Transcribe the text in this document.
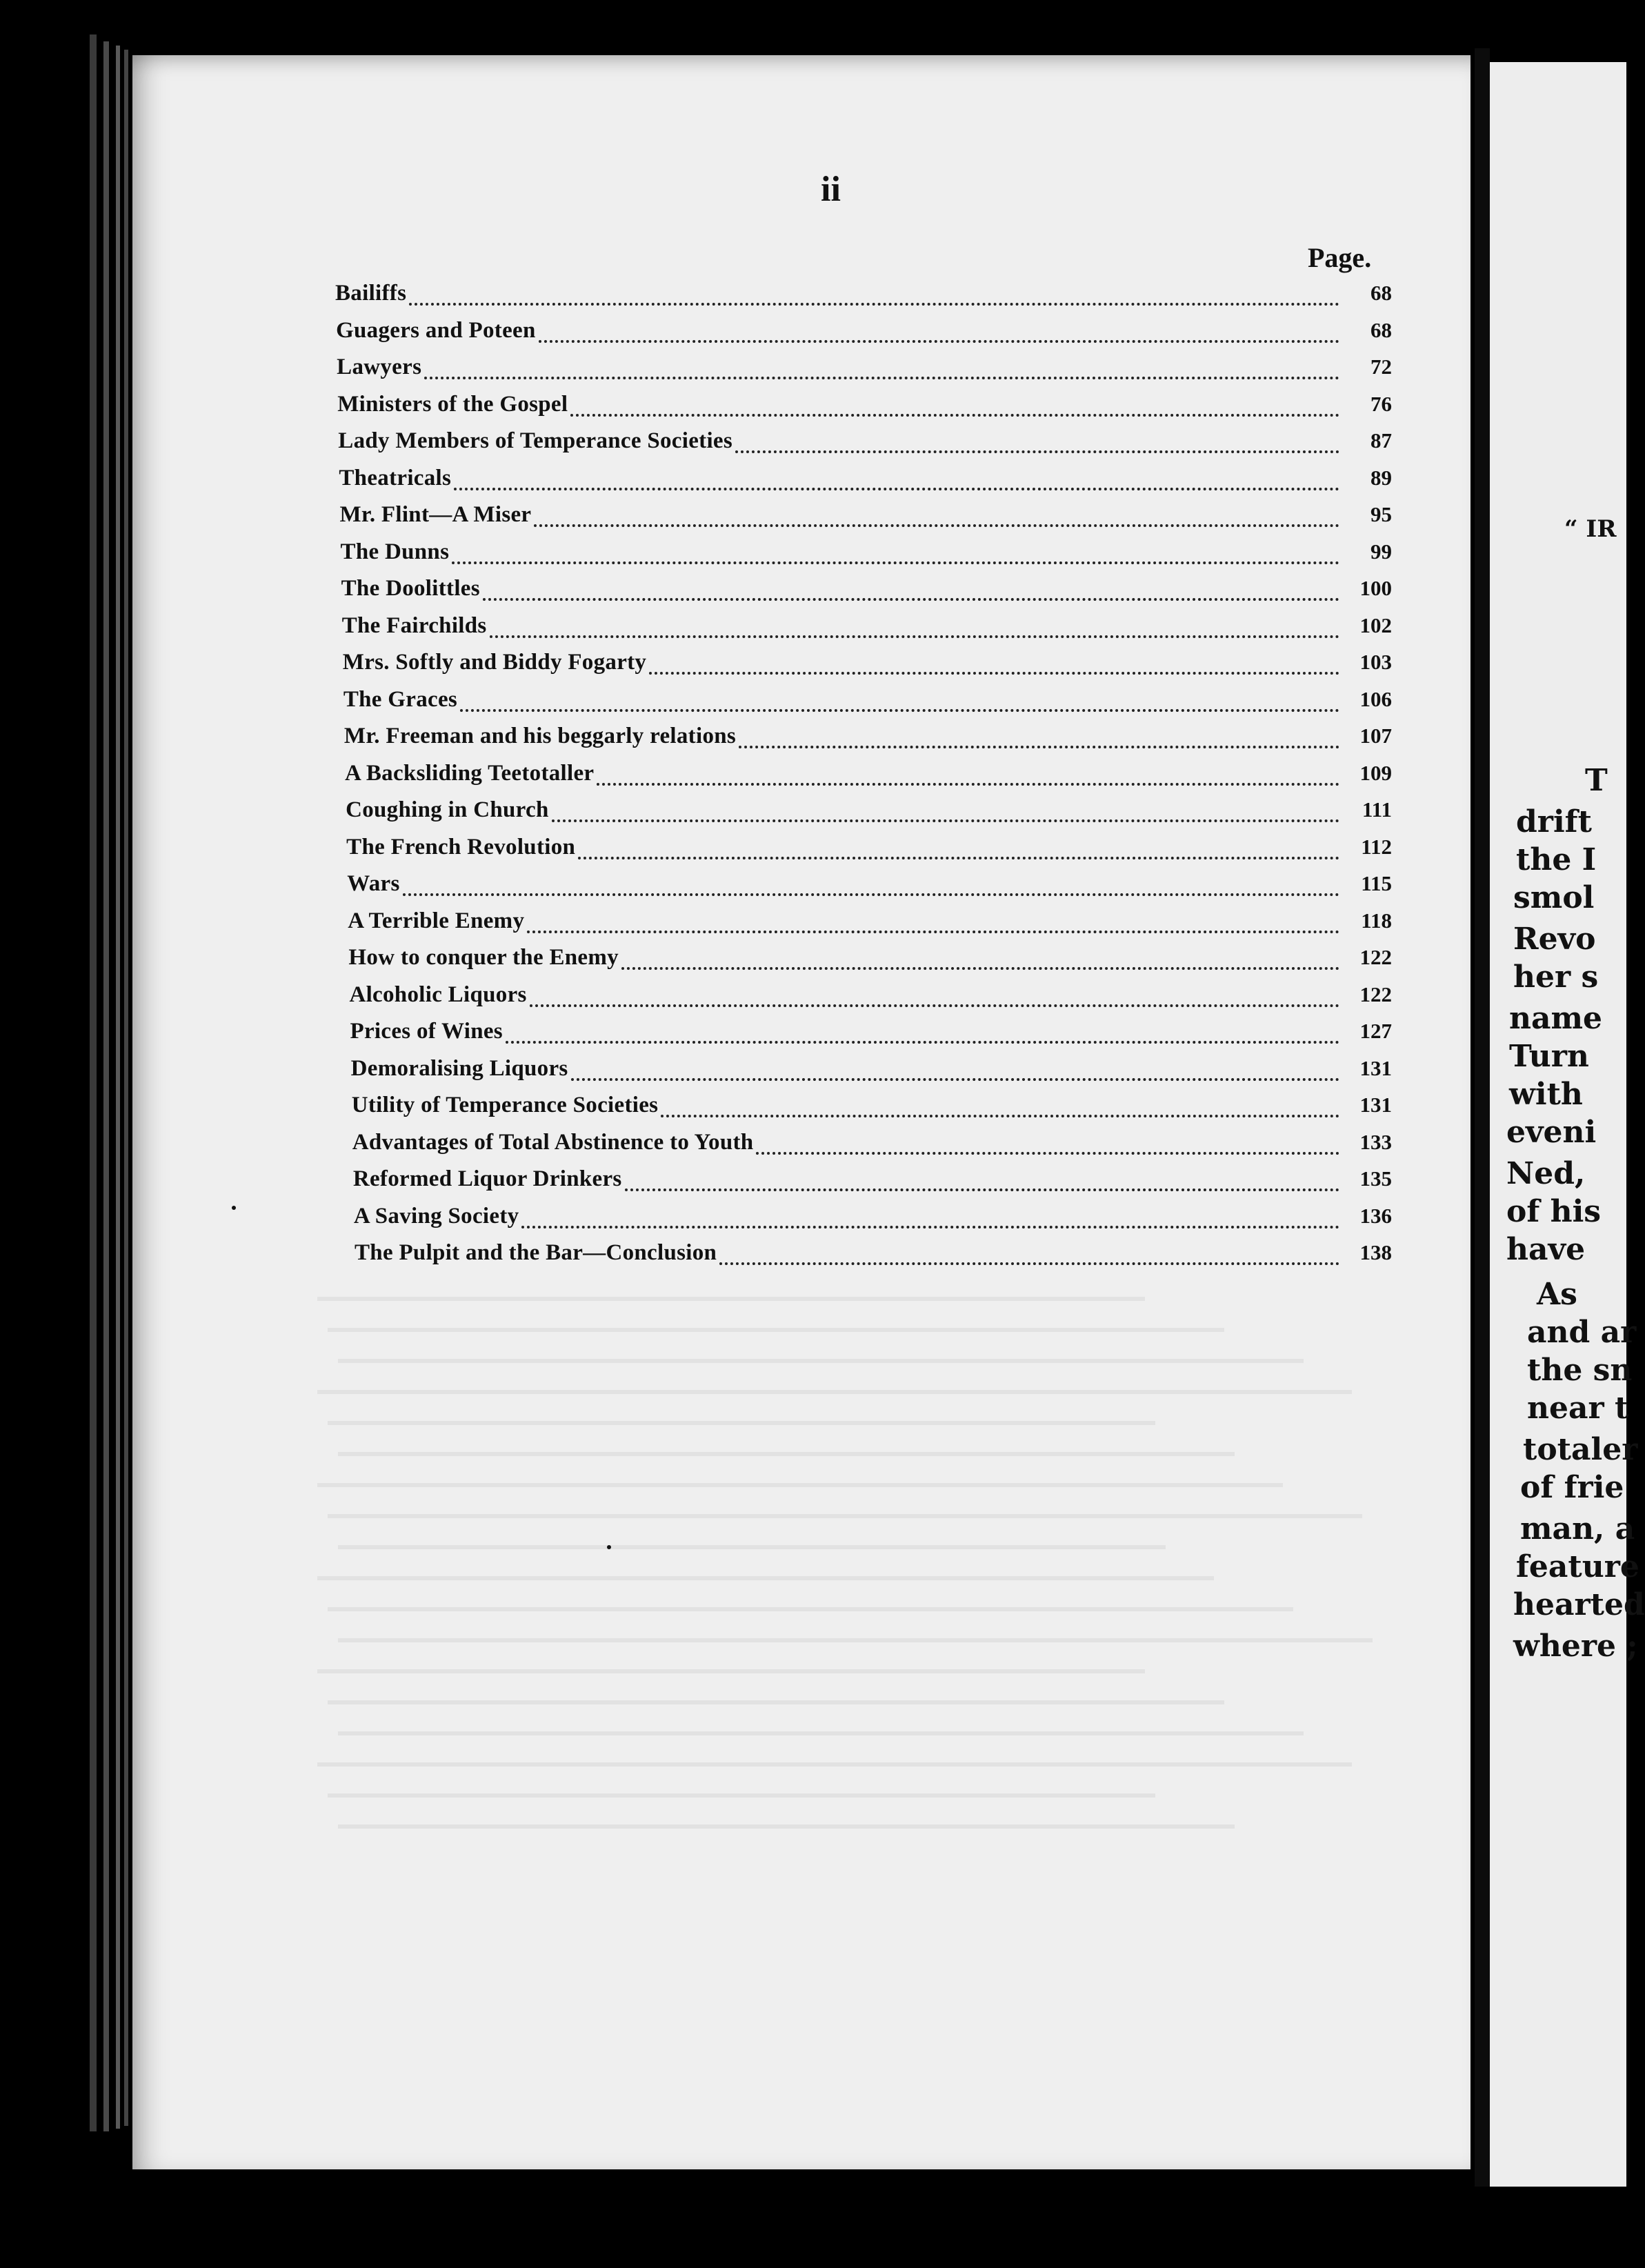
ii
Page.
Bailiffs	68
Guagers and Poteen	68
Lawyers	72
Ministers of the Gospel	76
Lady Members of Temperance Societies	87
Theatricals	89
Mr. Flint—A Miser	95
The Dunns	99
The Doolittles	100
The Fairchilds	102
Mrs. Softly and Biddy Fogarty	103
The Graces	106
Mr. Freeman and his beggarly relations	107
A Backsliding Teetotaller	109
Coughing in Church	111
The French Revolution	112
Wars	115
A Terrible Enemy	118
How to conquer the Enemy	122
Alcoholic Liquors	122
Prices of Wines	127
Demoralising Liquors	131
Utility of Temperance Societies	131
Advantages of Total Abstinence to Youth	133
Reformed Liquor Drinkers	135
A Saving Society	136
The Pulpit and the Bar—Conclusion	138
“ IR
T
drift
the I
smol
Revo
her s
name
Turn
with
eveni
Ned,
of his
have
As
and ar
the sn
near t
totaler
of frie
man, a
feature
hearted
where ;
